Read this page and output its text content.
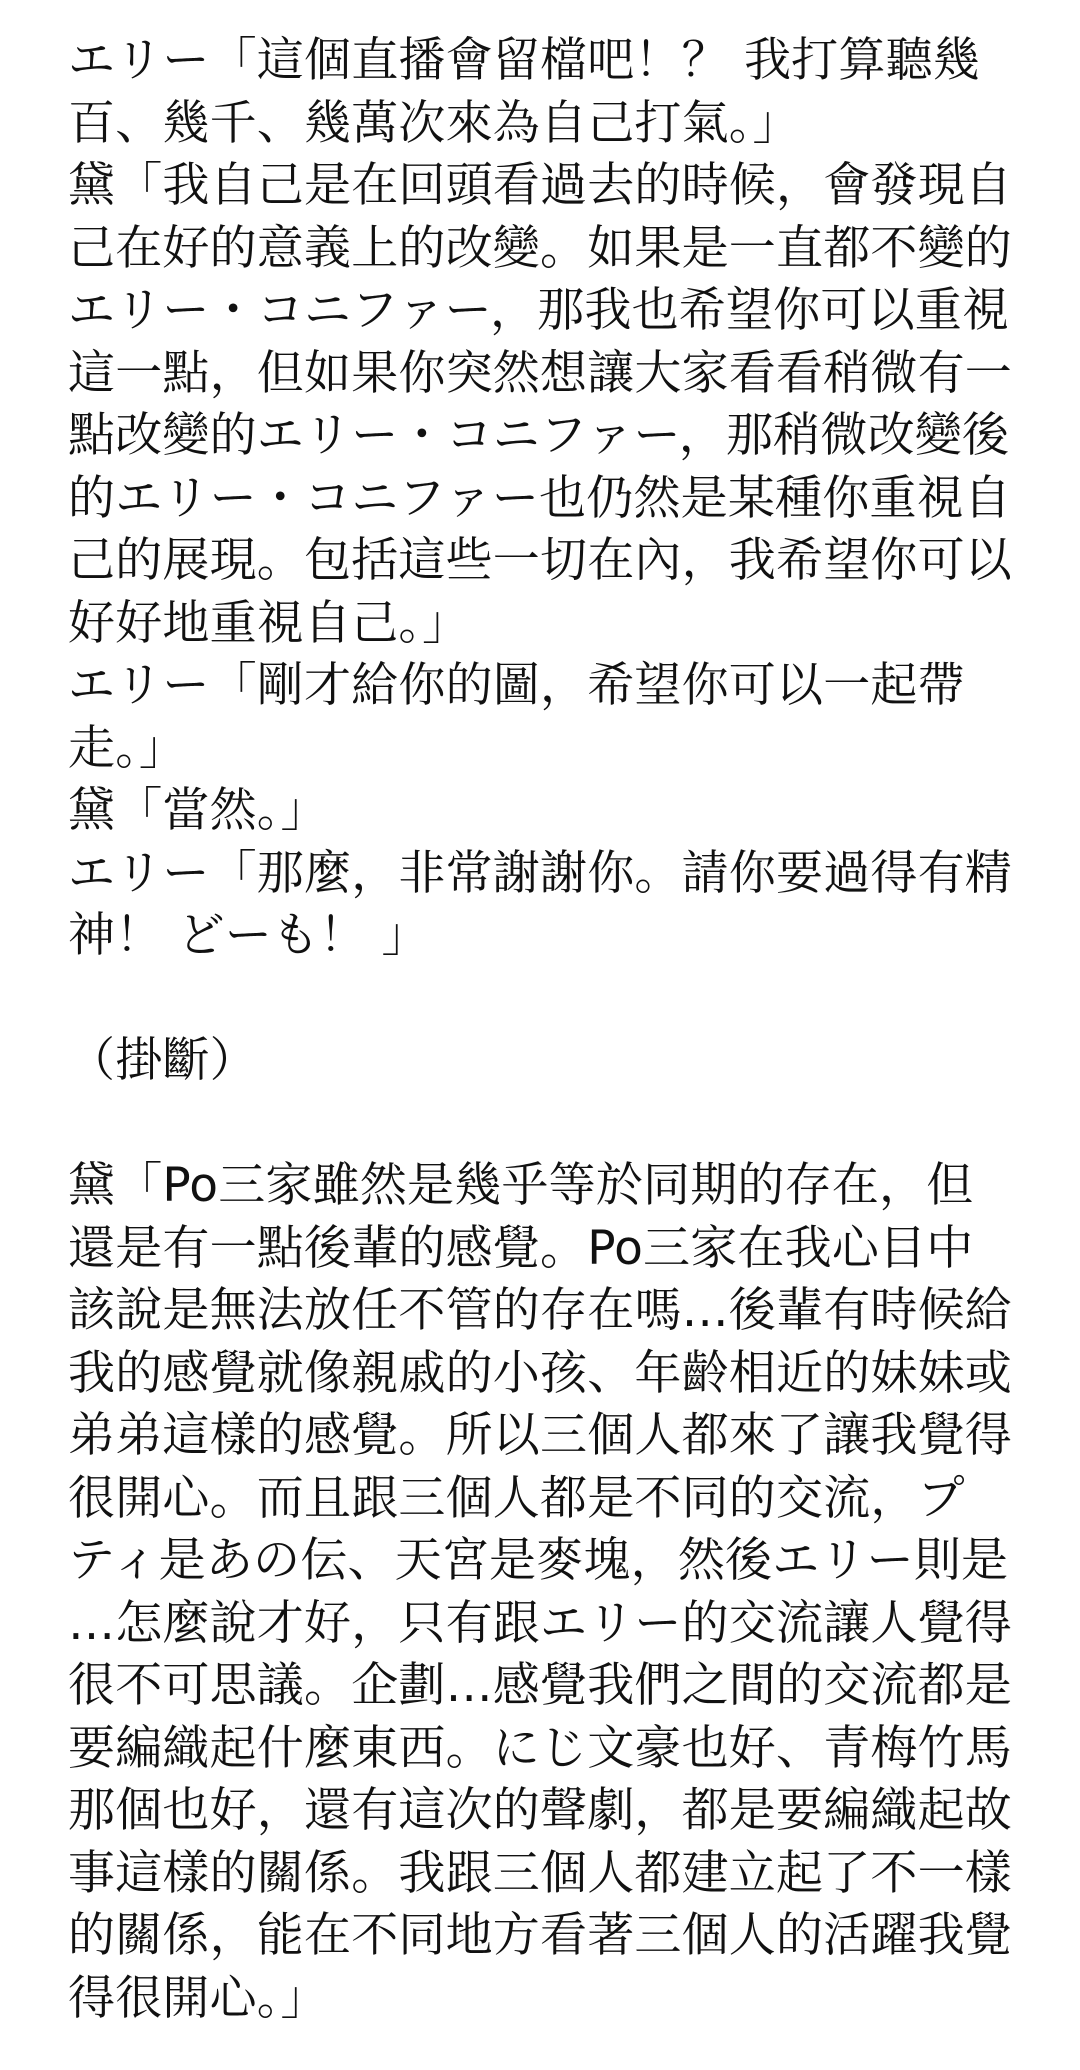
エリー「這個直播會留檔吧！？ 我打算聽幾
百、幾千、幾萬次來為自己打氣。」
黛「我自己是在回頭看過去的時候，會發現自
己在好的意義上的改變。如果是一直都不變的
エリー・コニファー，那我也希望你可以重視
這一點，但如果你突然想讓大家看看稍微有一
點改變的エリー・コニファー，那稍微改變後
的エリー・コニファー也仍然是某種你重視自
己的展現。包括這些一切在內，我希望你可以
好好地重視自己。」
エリー「剛才給你的圖，希望你可以一起帶
走。」
黛「當然。」
エリー「那麼，非常謝謝你。請你要過得有精
神！ どーも！ 」
（掛斷）
黛「Po三家雖然是幾乎等於同期的存在，但
還是有一點後輩的感覺。Po三家在我心目中
該說是無法放任不管的存在嗎…後輩有時候給
我的感覺就像親戚的小孩、年齡相近的妹妹或
弟弟這樣的感覺。所以三個人都來了讓我覺得
很開心。而且跟三個人都是不同的交流，プ
ティ是あの伝、天宮是麥塊，然後エリー則是
…怎麼說才好，只有跟エリー的交流讓人覺得
很不可思議。企劃…感覺我們之間的交流都是
要編織起什麼東西。にじ文豪也好、青梅竹馬
那個也好，還有這次的聲劇，都是要編織起故
事這樣的關係。我跟三個人都建立起了不一樣
的關係，能在不同地方看著三個人的活躍我覺
得很開心。」
